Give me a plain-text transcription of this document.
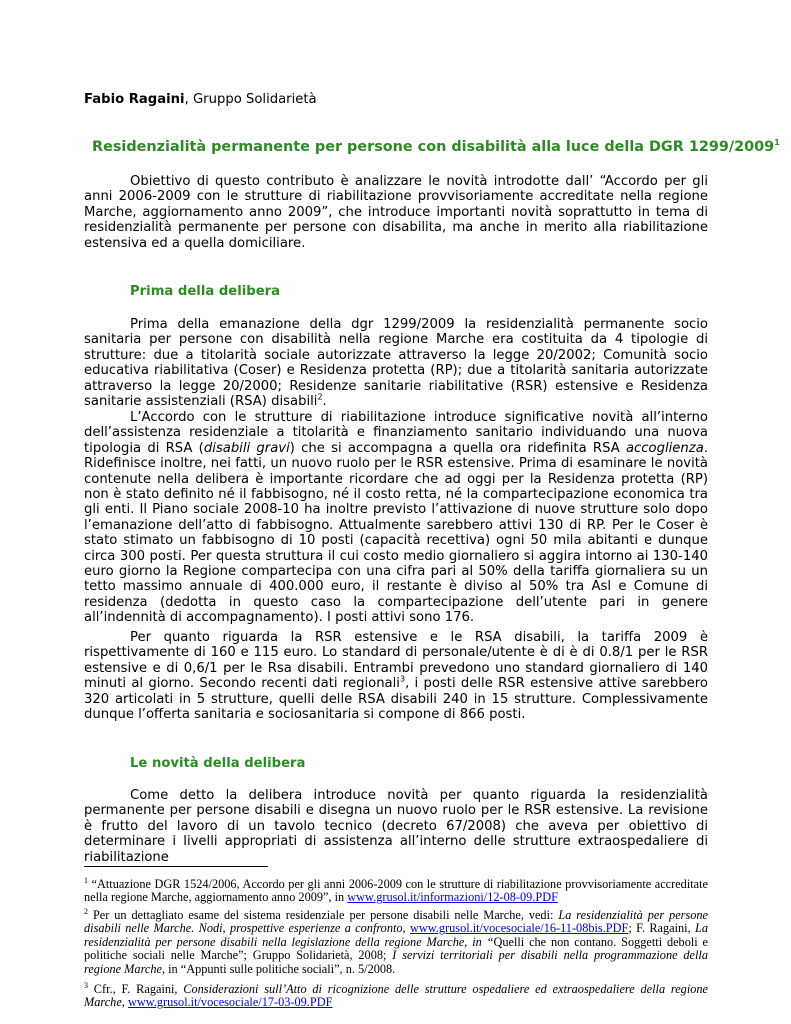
Fabio Ragaini, Gruppo Solidarietà
Residenzialità permanente per persone con disabilità alla luce della DGR 1299/2009$^1$

Obiettivo di questo contributo è analizzare le novità introdotte dall’ “Accordo per gli anni 2006-2009 con le strutture di riabilitazione provvisoriamente accreditate nella regione Marche, aggiornamento anno 2009”, che introduce importanti novità soprattutto in tema di residenzialità permanente per persone con disabilita, ma anche in merito alla riabilitazione estensiva ed a quella domiciliare.

Prima della delibera

Prima della emanazione della dgr 1299/2009 la residenzialità permanente socio sanitaria per persone con disabilità nella regione Marche era costituita da 4 tipologie di strutture: due a titolarità sociale autorizzate attraverso la legge 20/2002; Comunità socio educativa riabilitativa (Coser) e Residenza protetta (RP); due a titolarità sanitaria autorizzate attraverso la legge 20/2000; Residenze sanitarie riabilitative (RSR) estensive e Residenza sanitarie assistenziali (RSA) disabili$^2$.

L’Accordo con le strutture di riabilitazione introduce significative novità all’interno dell’assistenza residenziale a titolarità e finanziamento sanitario individuando una nuova tipologia di RSA (disabili gravi) che si accompagna a quella ora ridefinita RSA accoglienza. Ridefinisce inoltre, nei fatti, un nuovo ruolo per le RSR estensive. Prima di esaminare le novità contenute nella delibera è importante ricordare che ad oggi per la Residenza protetta (RP) non è stato definito né il fabbisogno, né il costo retta, né la compartecipazione economica tra gli enti. Il Piano sociale 2008-10 ha inoltre previsto l’attivazione di nuove strutture solo dopo l’emanazione dell’atto di fabbisogno. Attualmente sarebbero attivi 130 di RP. Per le Coser è stato stimato un fabbisogno di 10 posti (capacità recettiva) ogni 50 mila abitanti e dunque circa 300 posti. Per questa struttura il cui costo medio giornaliero si aggira intorno ai 130-140 euro giorno la Regione compartecipa con una cifra pari al 50% della tariffa giornaliera su un tetto massimo annuale di 400.000 euro, il restante è diviso al 50% tra Asl e Comune di residenza (dedotta in questo caso la compartecipazione dell’utente pari in genere all’indennità di accompagnamento). I posti attivi sono 176.

Per quanto riguarda la RSR estensive e le RSA disabili, la tariffa 2009 è rispettivamente di 160 e 115 euro. Lo standard di personale/utente è di è di 0.8/1 per le RSR estensive e di 0,6/1 per le Rsa disabili. Entrambi prevedono uno standard giornaliero di 140 minuti al giorno. Secondo recenti dati regionali$^3$, i posti delle RSR estensive attive sarebbero 320 articolati in 5 strutture, quelli delle RSA disabili 240 in 15 strutture. Complessivamente dunque l’offerta sanitaria e sociosanitaria si compone di 866 posti.

Le novità della delibera

Come detto la delibera introduce novità per quanto riguarda la residenzialità permanente per persone disabili e disegna un nuovo ruolo per le RSR estensive. La revisione è frutto del lavoro di un tavolo tecnico (decreto 67/2008) che aveva per obiettivo di determinare i livelli appropriati di assistenza all’interno delle strutture extraospedaliere di riabilitazione

$^1$ “Attuazione DGR 1524/2006, Accordo per gli anni 2006-2009 con le strutture di riabilitazione provvisoriamente accreditate nella regione Marche, aggiornamento anno 2009”, in www.grusol.it/informazioni/12-08-09.PDF

$^2$ Per un dettagliato esame del sistema residenziale per persone disabili nelle Marche, vedi: La residenzialità per persone disabili nelle Marche. Nodi, prospettive esperienze a confronto, www.grusol.it/vocesociale/16-11-08bis.PDF; F. Ragaini, La residenzialità per persone disabili nella legislazione della regione Marche, in “Quelli che non contano. Soggetti deboli e politiche sociali nelle Marche”; Gruppo Solidarietà, 2008; I servizi territoriali per disabili nella programmazione della regione Marche, in “Appunti sulle politiche sociali”, n. 5/2008.

$^3$ Cfr., F. Ragaini, Considerazioni sull’Atto di ricognizione delle strutture ospedaliere ed extraospedaliere della regione Marche, www.grusol.it/vocesociale/17-03-09.PDF
